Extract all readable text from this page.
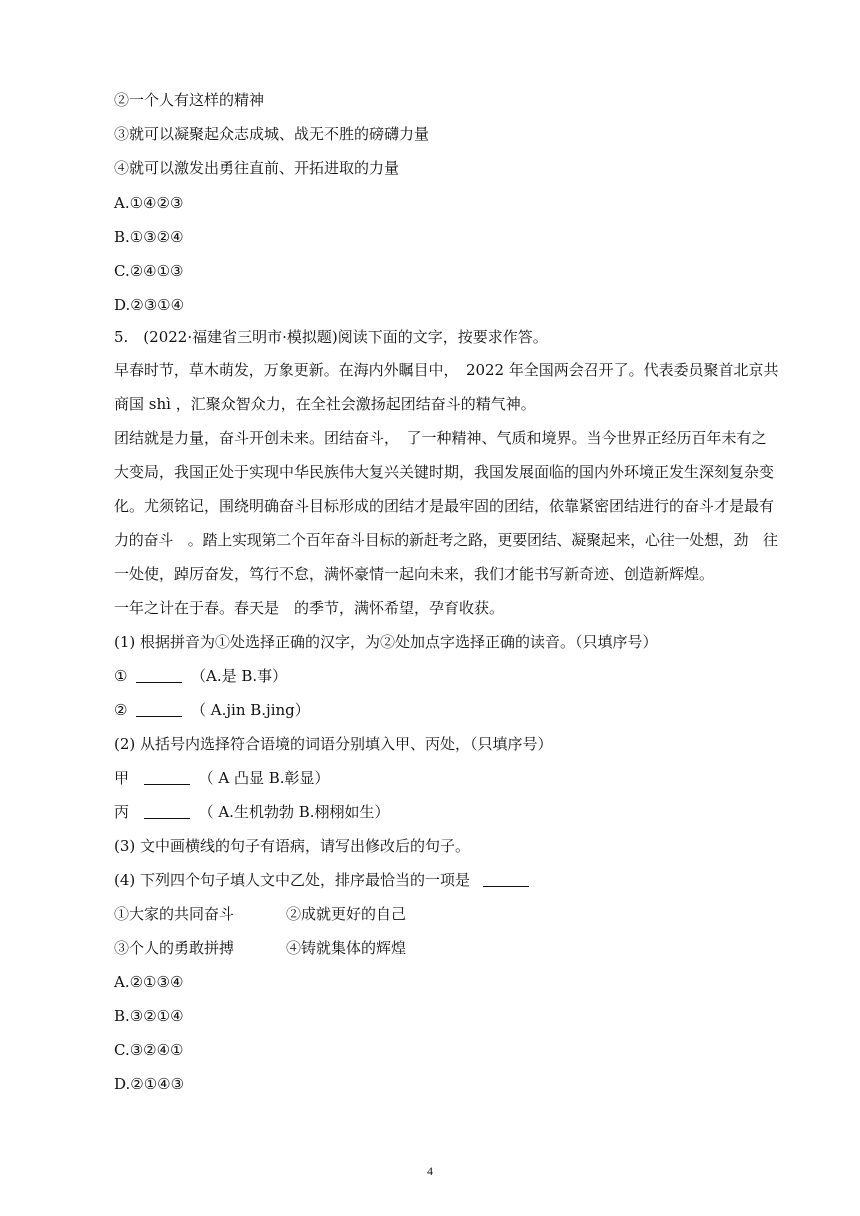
②一个人有这样的精神
③就可以凝聚起众志成城、战无不胜的磅礴力量
④就可以激发出勇往直前、开拓进取的力量
A.①④②③
B.①③②④
C.②④①③
D.②③①④
5.　(2022·福建省三明市·模拟题)阅读下面的文字，按要求作答。
早春时节，草木萌发，万象更新。在海内外瞩目中，　2022 年全国两会召开了。代表委员聚首北京共
商国 shì ，汇聚众智众力，在全社会激扬起团结奋斗的精气神。
团结就是力量，奋斗开创未来。团结奋斗，　了一种精神、气质和境界。当今世界正经历百年未有之
大变局，我国正处于实现中华民族伟大复兴关键时期，我国发展面临的国内外环境正发生深刻复杂变
化。尤须铭记，围绕明确奋斗目标形成的团结才是最牢固的团结，依靠紧密团结进行的奋斗才是最有
力的奋斗　。踏上实现第二个百年奋斗目标的新赶考之路，更要团结、凝聚起来，心往一处想，劲　往
一处使，踔厉奋发，笃行不怠，满怀豪情一起向未来，我们才能书写新奇迹、创造新辉煌。
一年之计在于春。春天是　的季节，满怀希望，孕育收获。
(1) 根据拼音为①处选择正确的汉字，为②处加点字选择正确的读音。（只填序号）
①	（A.是 B.事）
②	（ A.jin B.jing）
(2) 从括号内选择符合语境的词语分别填入甲、丙处，（只填序号）
甲	（ A 凸显 B.彰显）
丙	（ A.生机勃勃 B.栩栩如生）
(3) 文中画横线的句子有语病，请写出修改后的句子。
(4) 下列四个句子填人文中乙处，排序最恰当的一项是
①大家的共同奋斗	②成就更好的自己
③个人的勇敢拼搏	④铸就集体的辉煌
A.②①③④
B.③②①④
C.③②④①
D.②①④③
4
